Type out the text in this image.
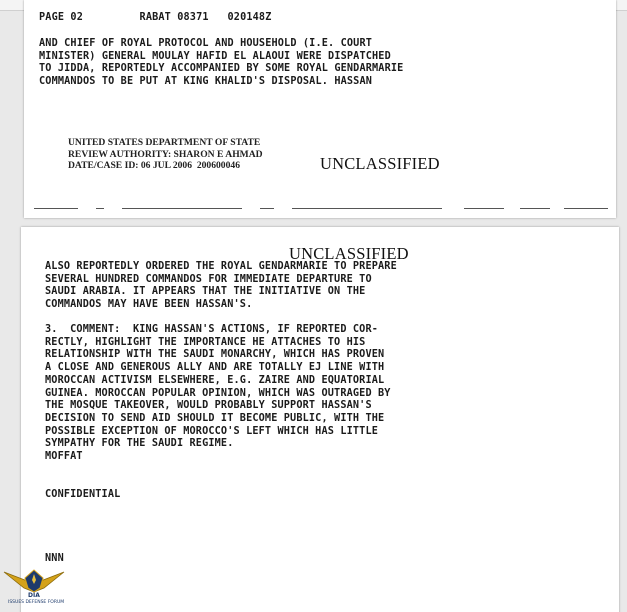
PAGE 02         RABAT 08371   020148Z

AND CHIEF OF ROYAL PROTOCOL AND HOUSEHOLD (I.E. COURT

MINISTER) GENERAL MOULAY HAFID EL ALAOUI WERE DISPATCHED

TO JIDDA, REPORTEDLY ACCOMPANIED BY SOME ROYAL GENDARMARIE

COMMANDOS TO BE PUT AT KING KHALID'S DISPOSAL. HASSAN

UNITED STATES DEPARTMENT OF STATE

REVIEW AUTHORITY: SHARON E AHMAD

DATE/CASE ID: 06 JUL 2006  200600046	UNCLASSIFIED

UNCLASSIFIED

ALSO REPORTEDLY ORDERED THE ROYAL GENDARMARIE TO PREPARE

SEVERAL HUNDRED COMMANDOS FOR IMMEDIATE DEPARTURE TO

SAUDI ARABIA. IT APPEARS THAT THE INITIATIVE ON THE

COMMANDOS MAY HAVE BEEN HASSAN'S.

3.  COMMENT:  KING HASSAN'S ACTIONS, IF REPORTED COR-

RECTLY, HIGHLIGHT THE IMPORTANCE HE ATTACHES TO HIS

RELATIONSHIP WITH THE SAUDI MONARCHY, WHICH HAS PROVEN

A CLOSE AND GENEROUS ALLY AND ARE TOTALLY EJ LINE WITH

MOROCCAN ACTIVISM ELSEWHERE, E.G. ZAIRE AND EQUATORIAL

GUINEA. MOROCCAN POPULAR OPINION, WHICH WAS OUTRAGED BY

THE MOSQUE TAKEOVER, WOULD PROBABLY SUPPORT HASSAN'S

DECISION TO SEND AID SHOULD IT BECOME PUBLIC, WITH THE

POSSIBLE EXCEPTION OF MOROCCO'S LEFT WHICH HAS LITTLE

SYMPATHY FOR THE SAUDI REGIME.

MOFFAT

CONFIDENTIAL

NNN

DIA
ISSUES DEFENSE FORUM
